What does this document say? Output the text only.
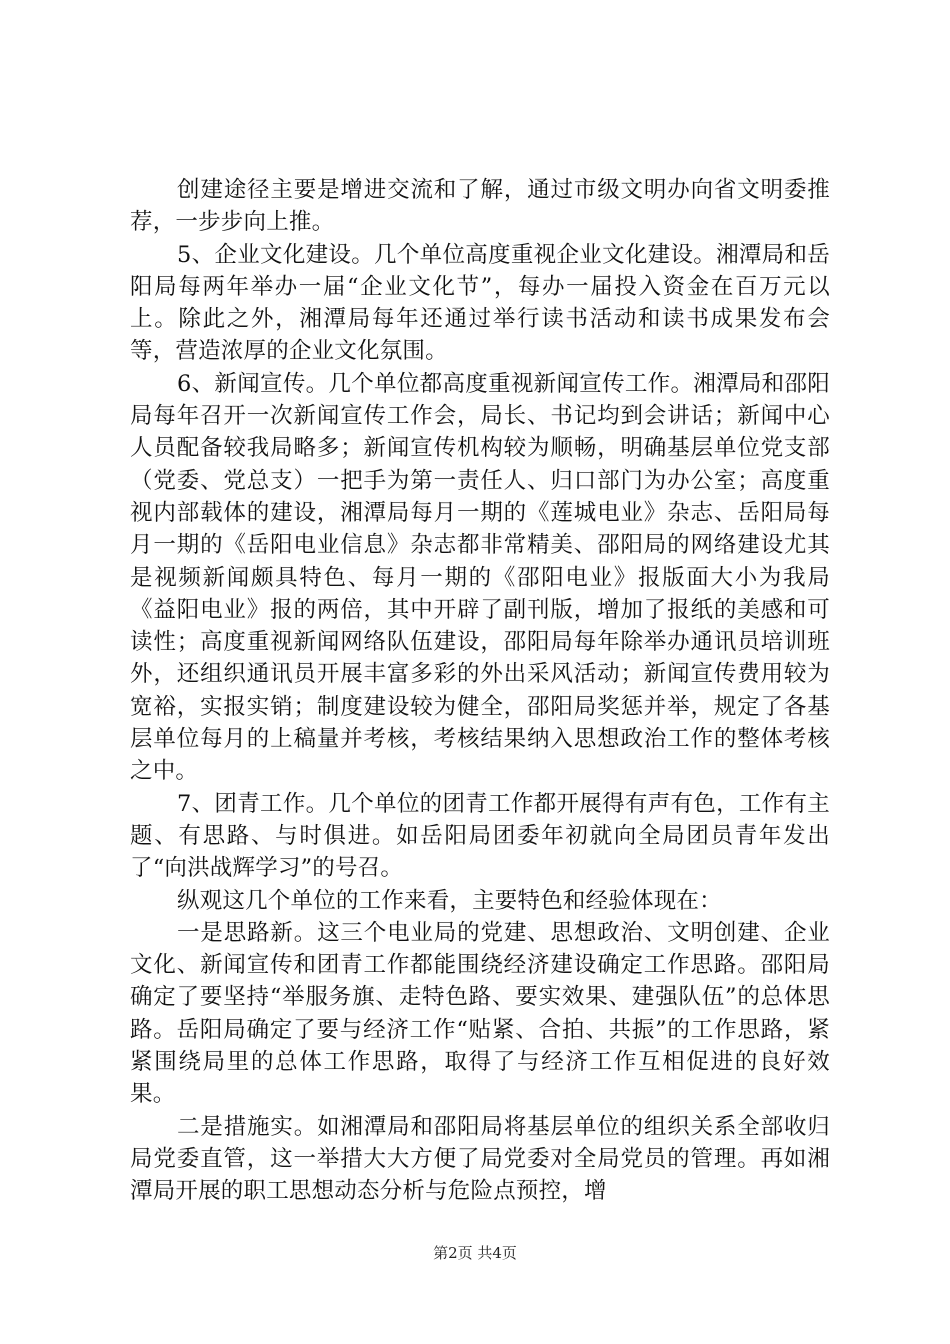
创建途径主要是增进交流和了解，通过市级文明办向省文明委推荐，一步步向上推。

5、企业文化建设。几个单位高度重视企业文化建设。湘潭局和岳阳局每两年举办一届“企业文化节”，每办一届投入资金在百万元以上。除此之外，湘潭局每年还通过举行读书活动和读书成果发布会等，营造浓厚的企业文化氛围。

6、新闻宣传。几个单位都高度重视新闻宣传工作。湘潭局和邵阳局每年召开一次新闻宣传工作会，局长、书记均到会讲话；新闻中心人员配备较我局略多；新闻宣传机构较为顺畅，明确基层单位党支部（党委、党总支）一把手为第一责任人、归口部门为办公室；高度重视内部载体的建设，湘潭局每月一期的《莲城电业》杂志、岳阳局每月一期的《岳阳电业信息》杂志都非常精美、邵阳局的网络建设尤其是视频新闻颇具特色、每月一期的《邵阳电业》报版面大小为我局《益阳电业》报的两倍，其中开辟了副刊版，增加了报纸的美感和可读性；高度重视新闻网络队伍建设，邵阳局每年除举办通讯员培训班外，还组织通讯员开展丰富多彩的外出采风活动；新闻宣传费用较为宽裕，实报实销；制度建设较为健全，邵阳局奖惩并举，规定了各基层单位每月的上稿量并考核，考核结果纳入思想政治工作的整体考核之中。

7、团青工作。几个单位的团青工作都开展得有声有色，工作有主题、有思路、与时俱进。如岳阳局团委年初就向全局团员青年发出了“向洪战辉学习”的号召。

纵观这几个单位的工作来看，主要特色和经验体现在：

一是思路新。这三个电业局的党建、思想政治、文明创建、企业文化、新闻宣传和团青工作都能围绕经济建设确定工作思路。邵阳局确定了要坚持“举服务旗、走特色路、要实效果、建强队伍”的总体思路。岳阳局确定了要与经济工作“贴紧、合拍、共振”的工作思路，紧紧围绕局里的总体工作思路，取得了与经济工作互相促进的良好效果。

二是措施实。如湘潭局和邵阳局将基层单位的组织关系全部收归局党委直管，这一举措大大方便了局党委对全局党员的管理。再如湘潭局开展的职工思想动态分析与危险点预控，增

第2页 共4页
